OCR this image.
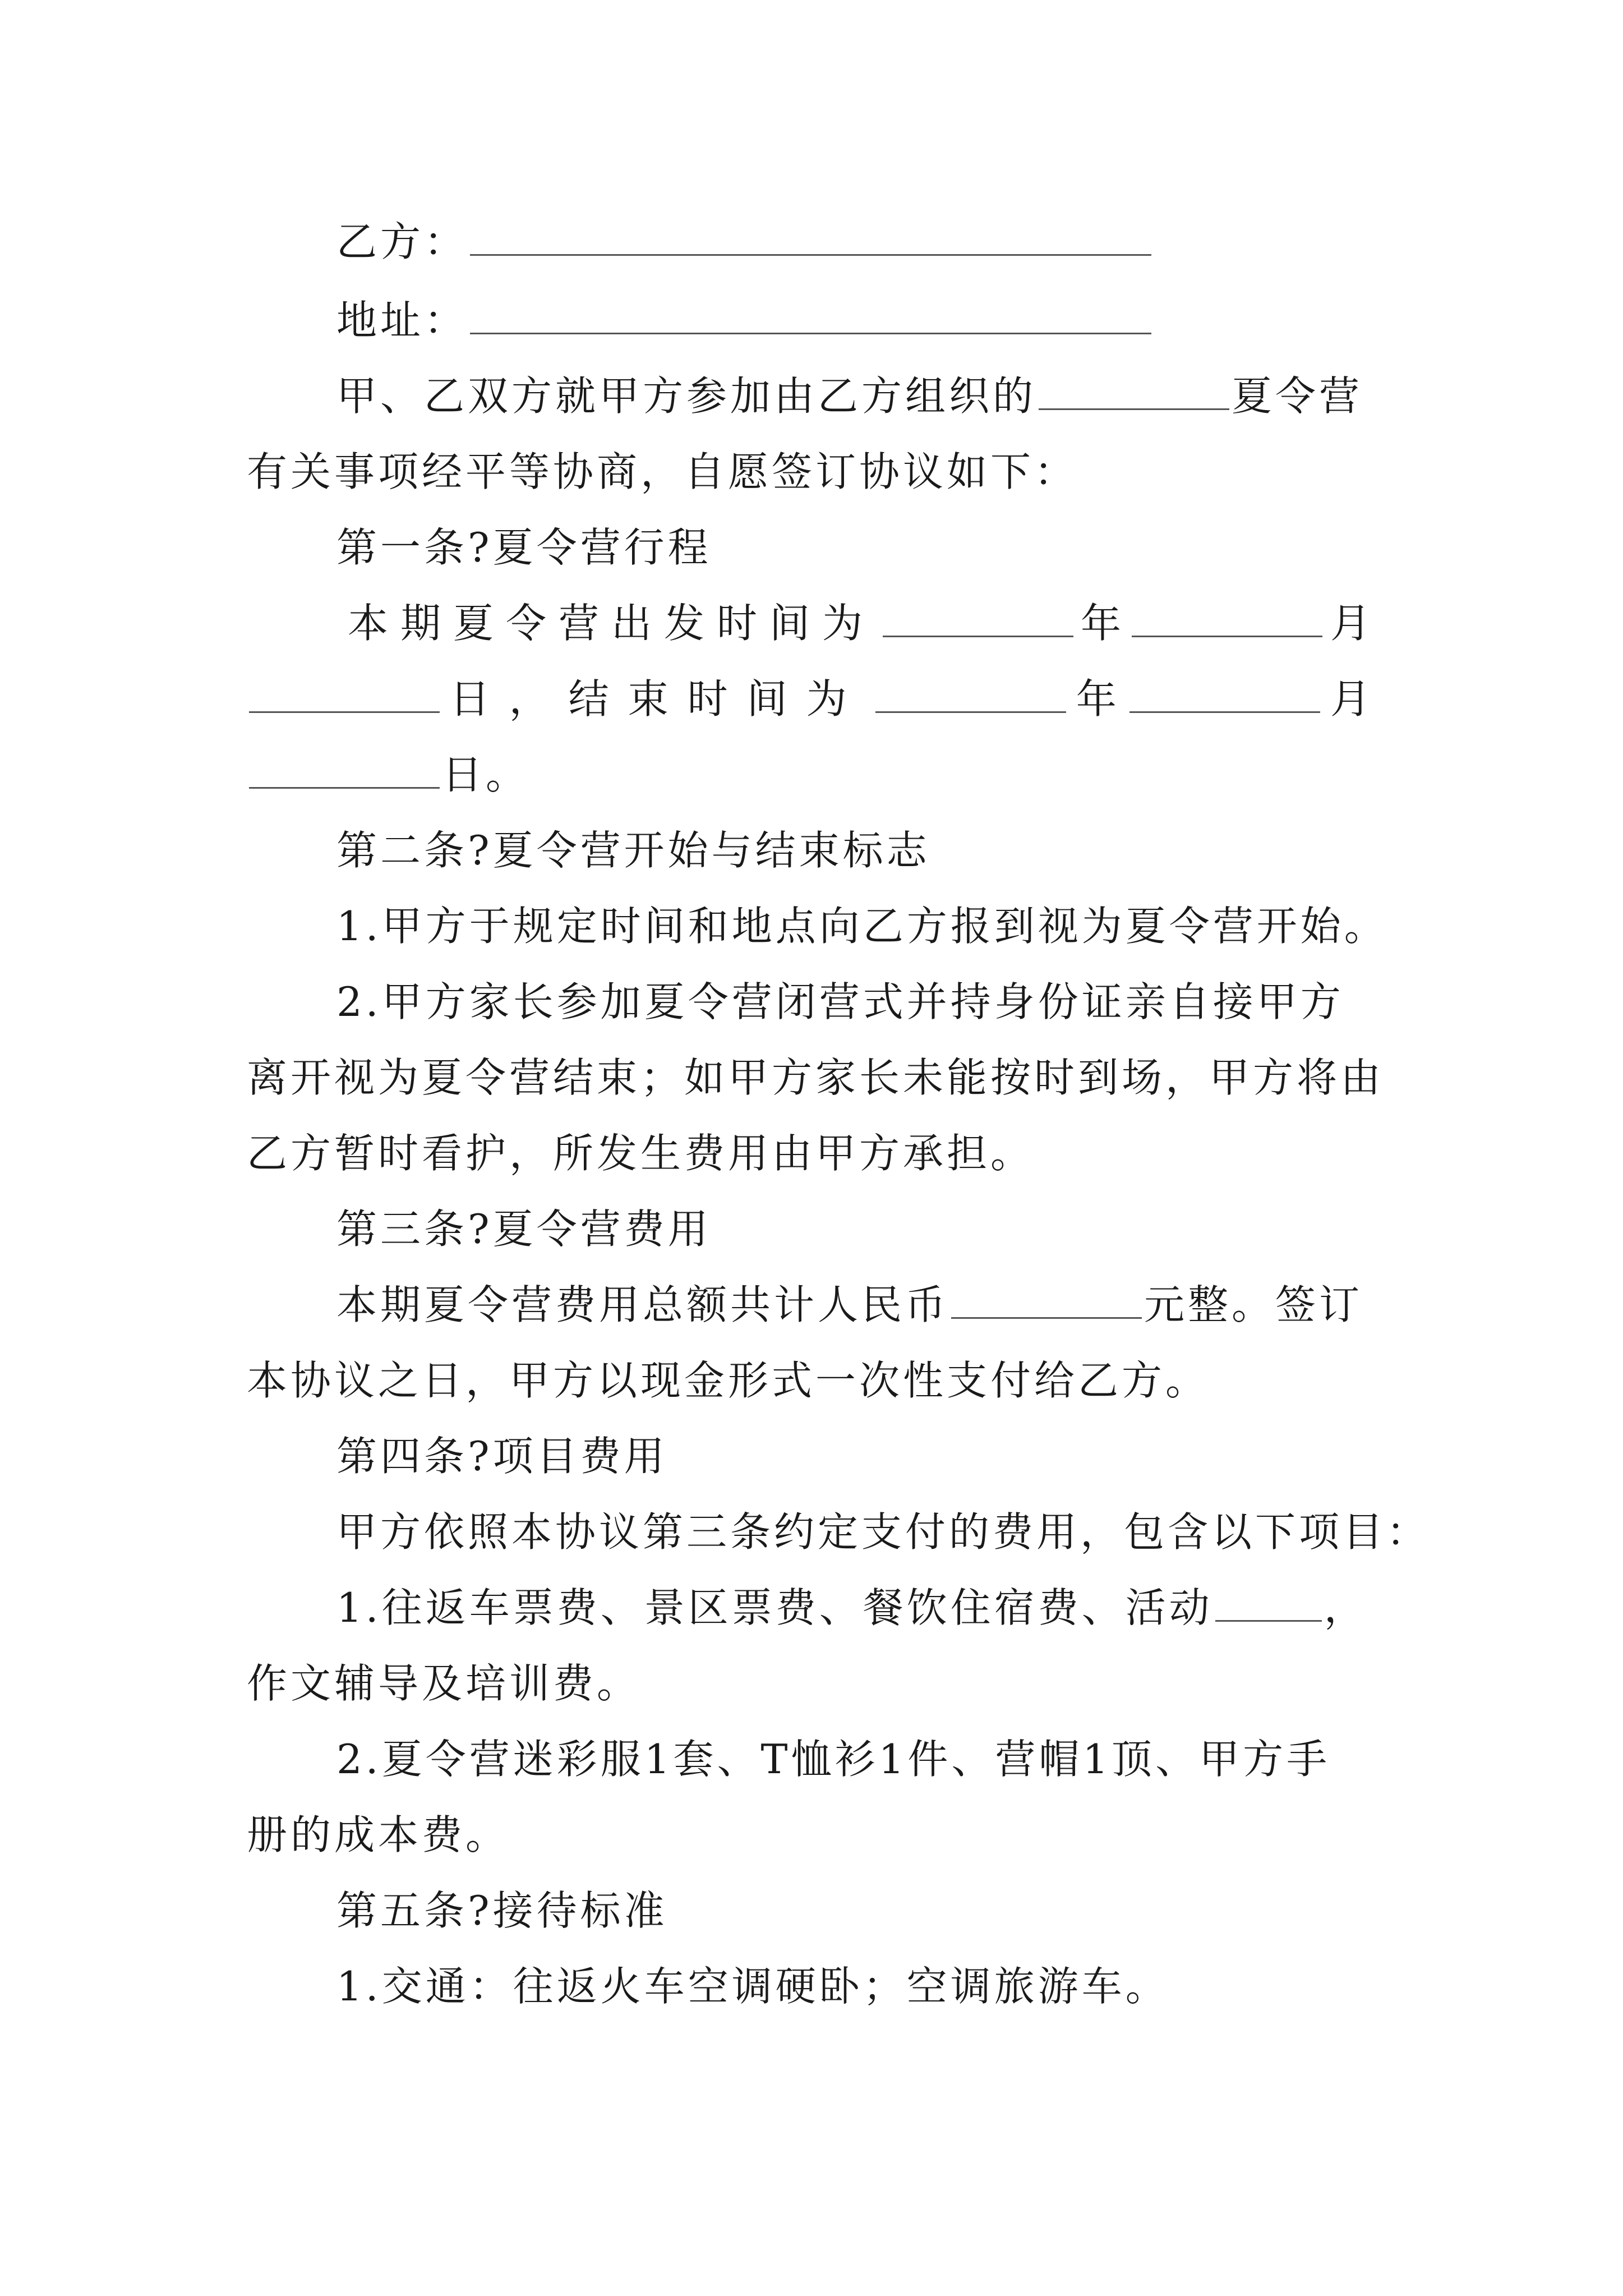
乙方：
地址：
甲、乙双方就甲方参加由乙方组织的	夏令营
有关事项经平等协商，自愿签订协议如下：
第一条?夏令营行程
本期夏令营出发时间为	年	月
日，结束时间为	年	月
日。
第二条?夏令营开始与结束标志
1.甲方于规定时间和地点向乙方报到视为夏令营开始。
2.甲方家长参加夏令营闭营式并持身份证亲自接甲方
离开视为夏令营结束；如甲方家长未能按时到场，甲方将由
乙方暂时看护，所发生费用由甲方承担。
第三条?夏令营费用
本期夏令营费用总额共计人民币	元整。签订
本协议之日，甲方以现金形式一次性支付给乙方。
第四条?项目费用
甲方依照本协议第三条约定支付的费用，包含以下项目：
1.往返车票费、景区票费、餐饮住宿费、活动	，
作文辅导及培训费。
2.夏令营迷彩服1套、T恤衫1件、营帽1顶、甲方手
册的成本费。
第五条?接待标准
1.交通：往返火车空调硬卧；空调旅游车。
